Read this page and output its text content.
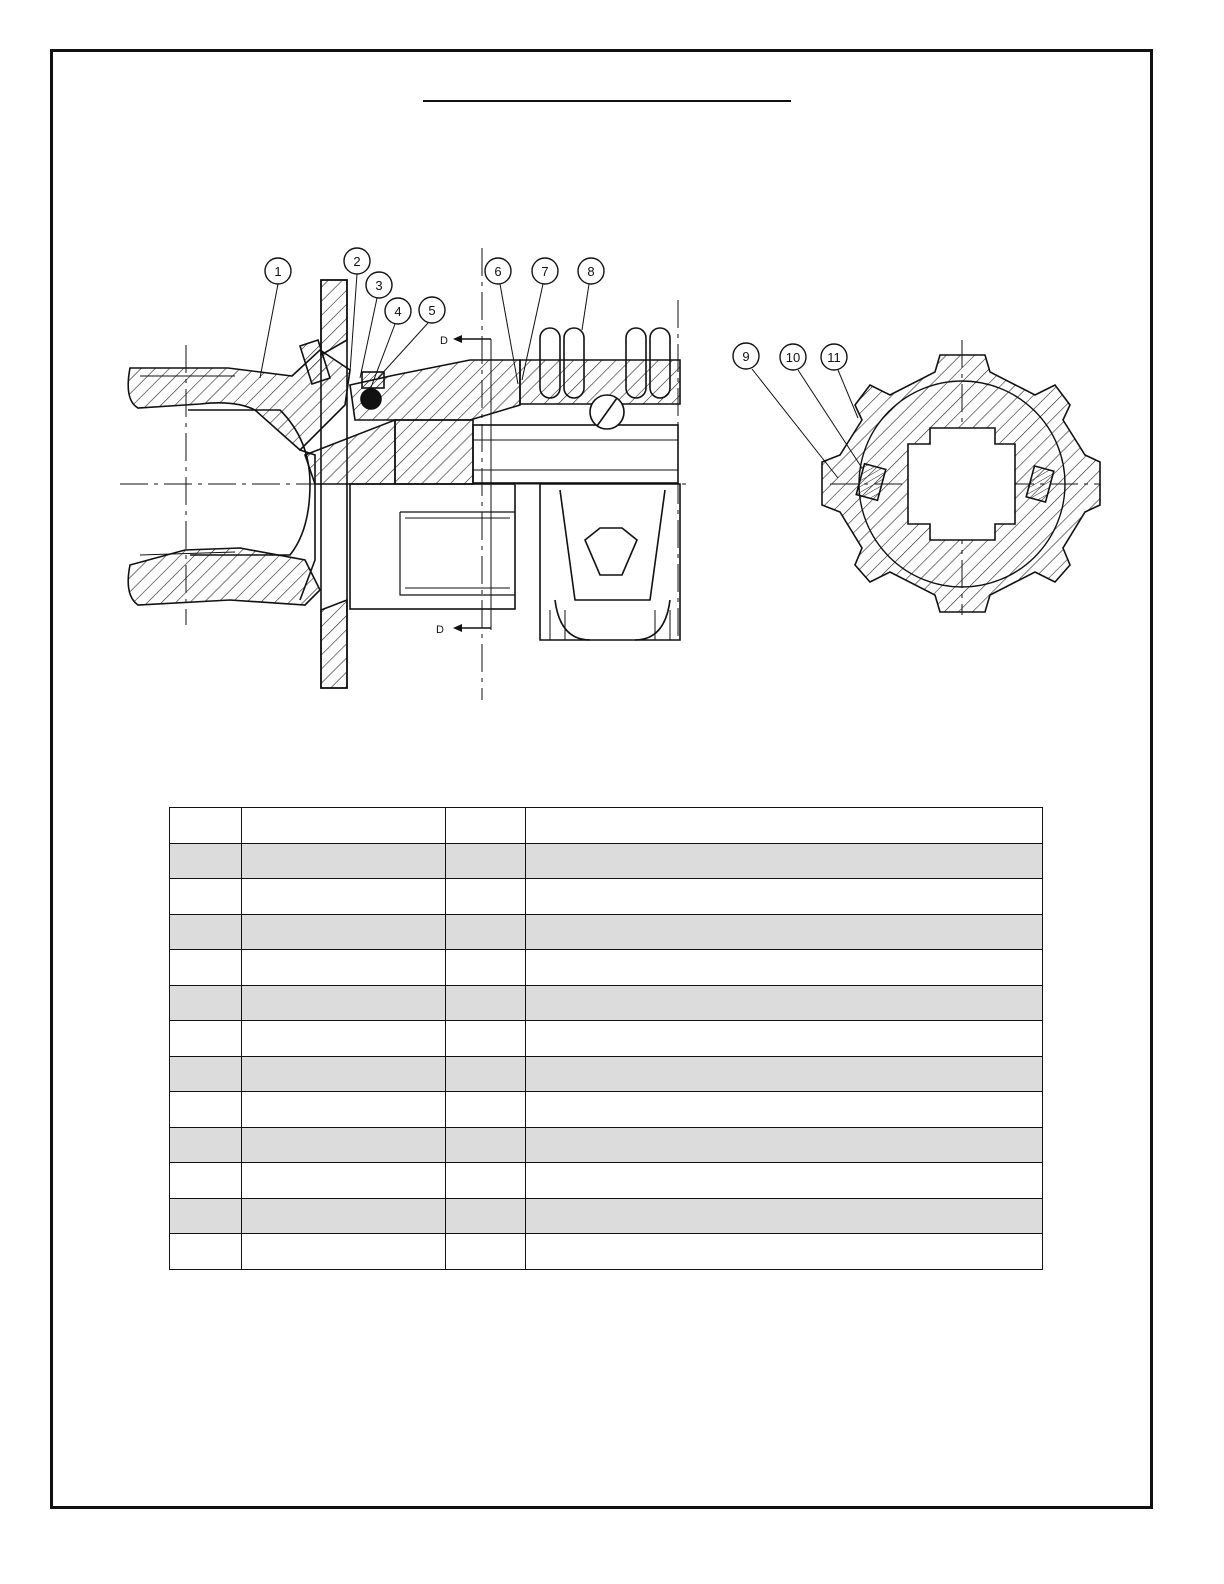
D
D
1
2
3
4 5
6	7	8
9	10 11
